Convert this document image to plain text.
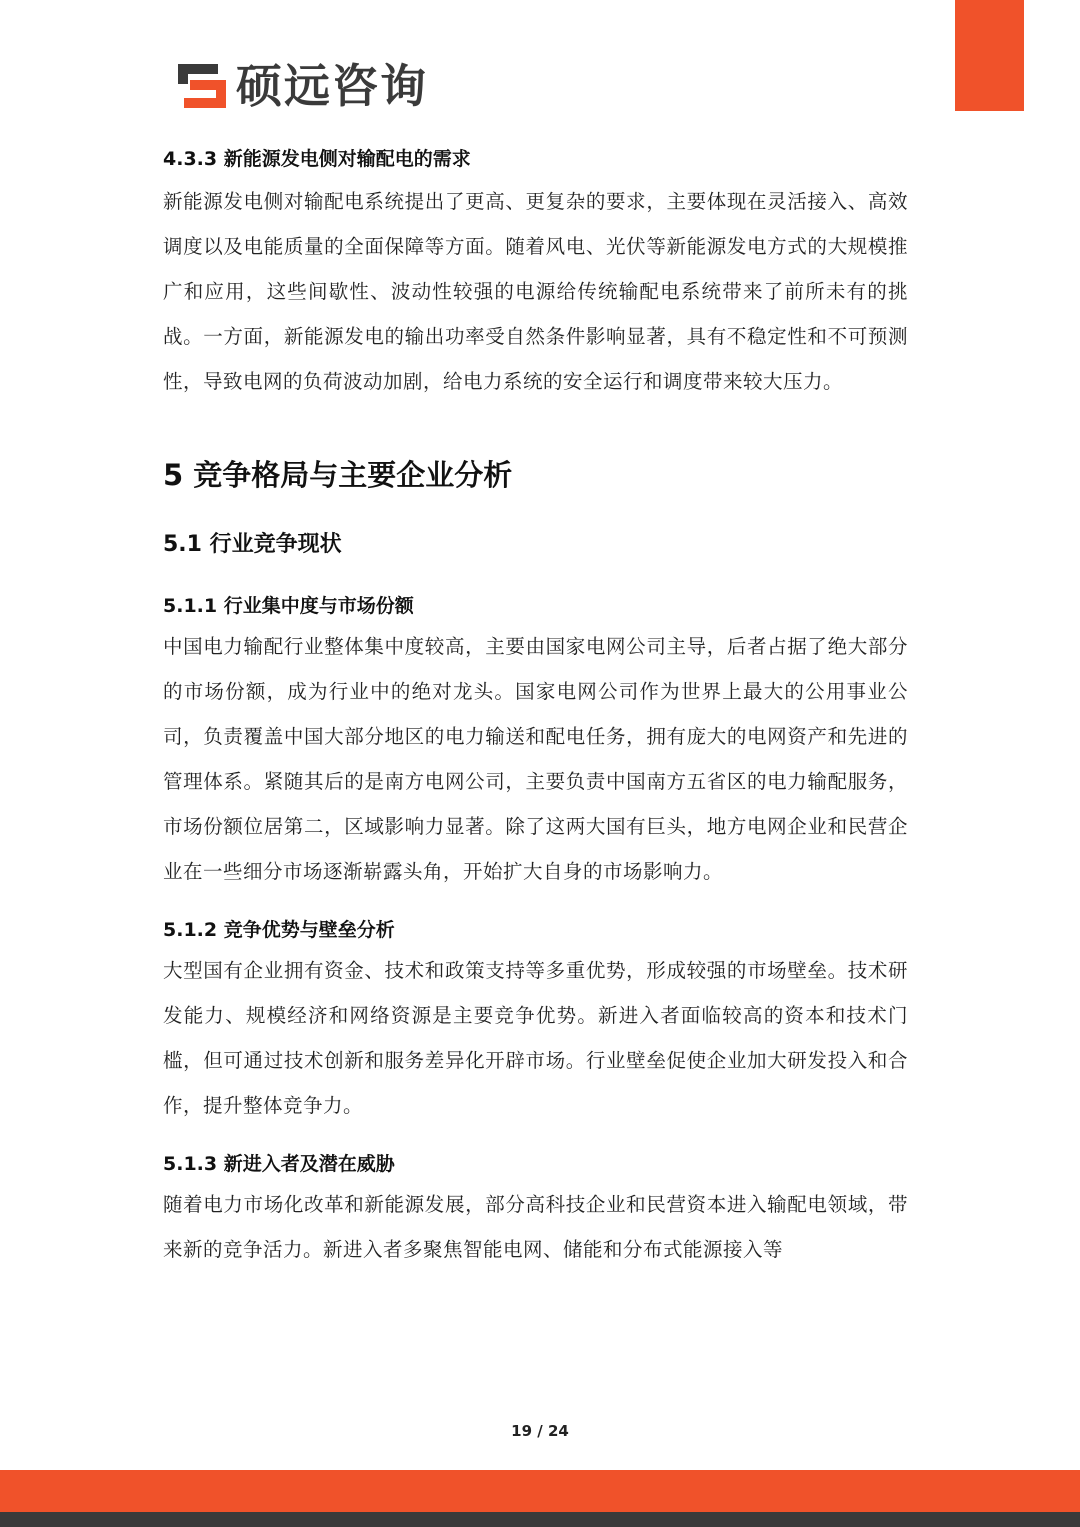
硕远咨询
4.3.3 新能源发电侧对输配电的需求

新能源发电侧对输配电系统提出了更高、更复杂的要求，主要体现在灵活接入、高效调度以及电能质量的全面保障等方面。随着风电、光伏等新能源发电方式的大规模推广和应用，这些间歇性、波动性较强的电源给传统输配电系统带来了前所未有的挑战。一方面，新能源发电的输出功率受自然条件影响显著，具有不稳定性和不可预测性，导致电网的负荷波动加剧，给电力系统的安全运行和调度带来较大压力。

5 竞争格局与主要企业分析
5.1 行业竞争现状
5.1.1 行业集中度与市场份额

中国电力输配行业整体集中度较高，主要由国家电网公司主导，后者占据了绝大部分的市场份额，成为行业中的绝对龙头。国家电网公司作为世界上最大的公用事业公司，负责覆盖中国大部分地区的电力输送和配电任务，拥有庞大的电网资产和先进的管理体系。紧随其后的是南方电网公司，主要负责中国南方五省区的电力输配服务，市场份额位居第二，区域影响力显著。除了这两大国有巨头，地方电网企业和民营企业在一些细分市场逐渐崭露头角，开始扩大自身的市场影响力。

5.1.2 竞争优势与壁垒分析

大型国有企业拥有资金、技术和政策支持等多重优势，形成较强的市场壁垒。技术研发能力、规模经济和网络资源是主要竞争优势。新进入者面临较高的资本和技术门槛，但可通过技术创新和服务差异化开辟市场。行业壁垒促使企业加大研发投入和合作，提升整体竞争力。

5.1.3 新进入者及潜在威胁

随着电力市场化改革和新能源发展，部分高科技企业和民营资本进入输配电领域，带来新的竞争活力。新进入者多聚焦智能电网、储能和分布式能源接入等

19 / 24
